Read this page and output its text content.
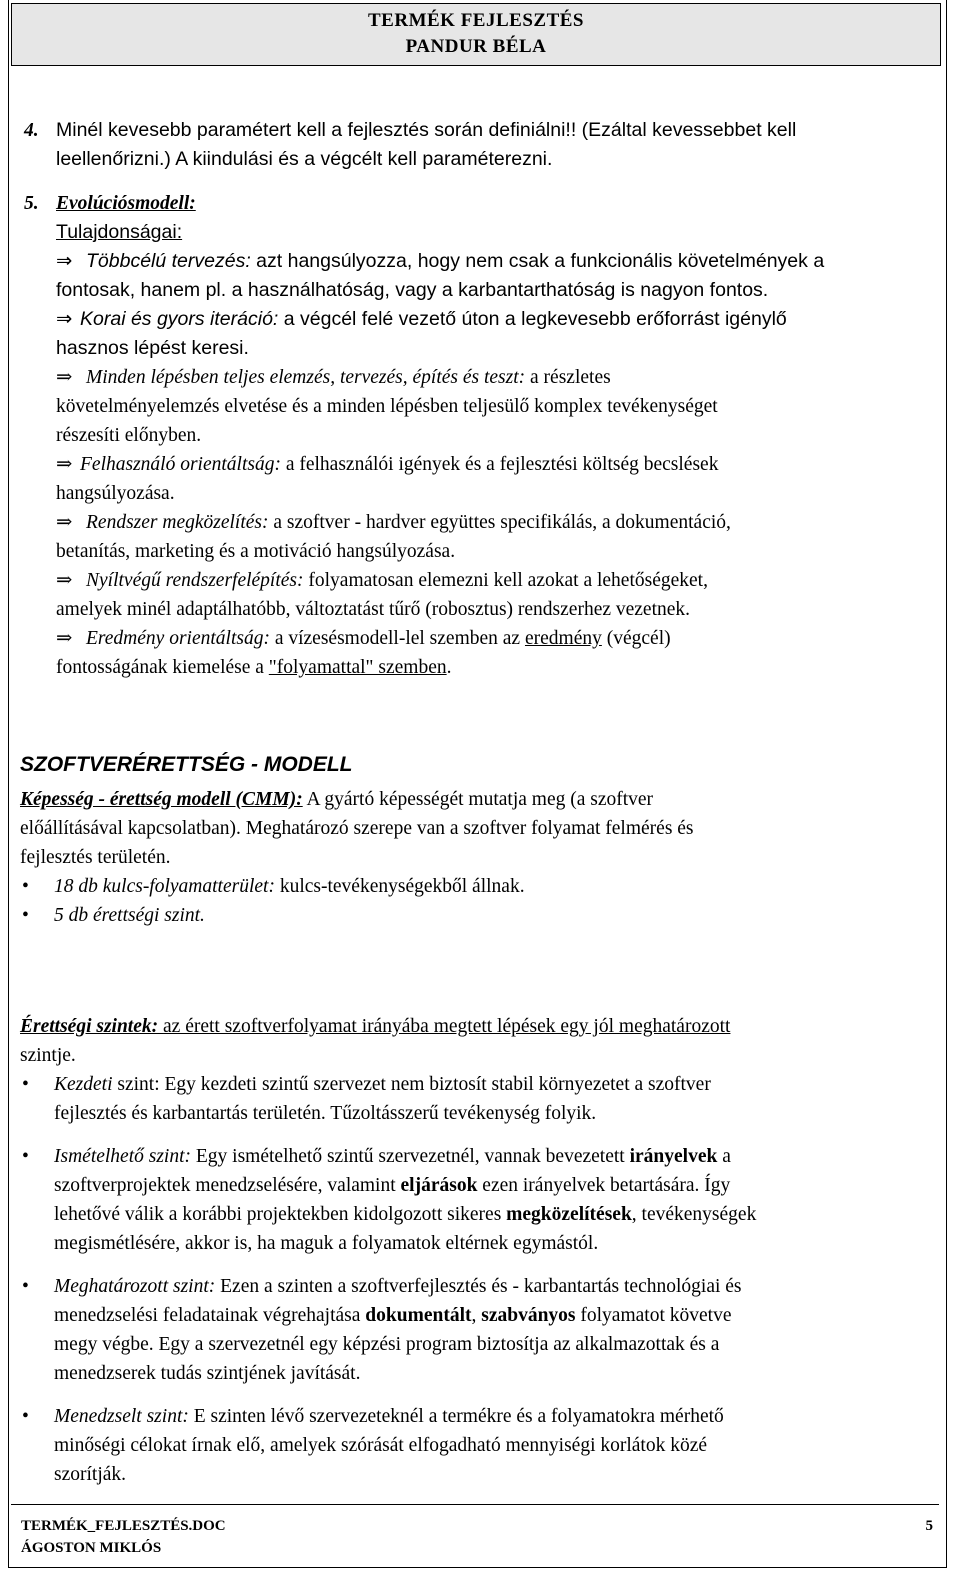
TERMÉK FEJLESZTÉS
PANDUR BÉLA

4. Minél kevesebb paramétert kell a fejlesztés során definiálni!! (Ezáltal kevessebbet kell

leellenőrizni.) A kiindulási és a végcélt kell paraméterezni.

5. Evolúciósmodell:

Tulajdonságai:

⇒ Többcélú tervezés: azt hangsúlyozza, hogy nem csak a funkcionális követelmények a

fontosak, hanem pl. a használhatóság, vagy a karbantarthatóság is nagyon fontos.

⇒ Korai és gyors iteráció: a végcél felé vezető úton a legkevesebb erőforrást igénylő

hasznos lépést keresi.

⇒ Minden lépésben teljes elemzés, tervezés, építés és teszt: a részletes

követelményelemzés elvetése és a minden lépésben teljesülő komplex tevékenységet

részesíti előnyben.

⇒ Felhasználó orientáltság: a felhasználói igények és a fejlesztési költség becslések

hangsúlyozása.

⇒ Rendszer megközelítés: a szoftver - hardver együttes specifikálás, a dokumentáció,

betanítás, marketing és a motiváció hangsúlyozása.

⇒ Nyíltvégű rendszerfelépítés: folyamatosan elemezni kell azokat a lehetőségeket,

amelyek minél adaptálhatóbb, változtatást tűrő (robosztus) rendszerhez vezetnek.

⇒ Eredmény orientáltság: a vízesésmodell-lel szemben az eredmény (végcél)

fontosságának kiemelése a "folyamattal" szemben.

SZOFTVERÉRETTSÉG - MODELL

Képesség - érettség modell (CMM): A gyártó képességét mutatja meg (a szoftver

előállításával kapcsolatban). Meghatározó szerepe van a szoftver folyamat felmérés és

fejlesztés területén.

• 18 db kulcs-folyamatterület: kulcs-tevékenységekből állnak.
• 5 db érettségi szint.

Érettségi szintek: az érett szoftverfolyamat irányába megtett lépések egy jól meghatározott

szintje.

• Kezdeti szint: Egy kezdeti szintű szervezet nem biztosít stabil környezetet a szoftver
fejlesztés és karbantartás területén. Tűzoltásszerű tevékenység folyik.
• Ismételhető szint: Egy ismételhető szintű szervezetnél, vannak bevezetett irányelvek a
szoftverprojektek menedzselésére, valamint eljárások ezen irányelvek betartására. Így
lehetővé válik a korábbi projektekben kidolgozott sikeres megközelítések, tevékenységek
megismétlésére, akkor is, ha maguk a folyamatok eltérnek egymástól.
• Meghatározott szint: Ezen a szinten a szoftverfejlesztés és - karbantartás technológiai és
menedzselési feladatainak végrehajtása dokumentált, szabványos folyamatot követve
megy végbe. Egy a szervezetnél egy képzési program biztosítja az alkalmazottak és a
menedzserek tudás szintjének javítását.
• Menedzselt szint: E szinten lévő szervezeteknél a termékre és a folyamatokra mérhető
minőségi célokat írnak elő, amelyek szórását elfogadható mennyiségi korlátok közé
szorítják.
TERMÉK_FEJLESZTÉS.DOC
ÁGOSTON MIKLÓS
5
